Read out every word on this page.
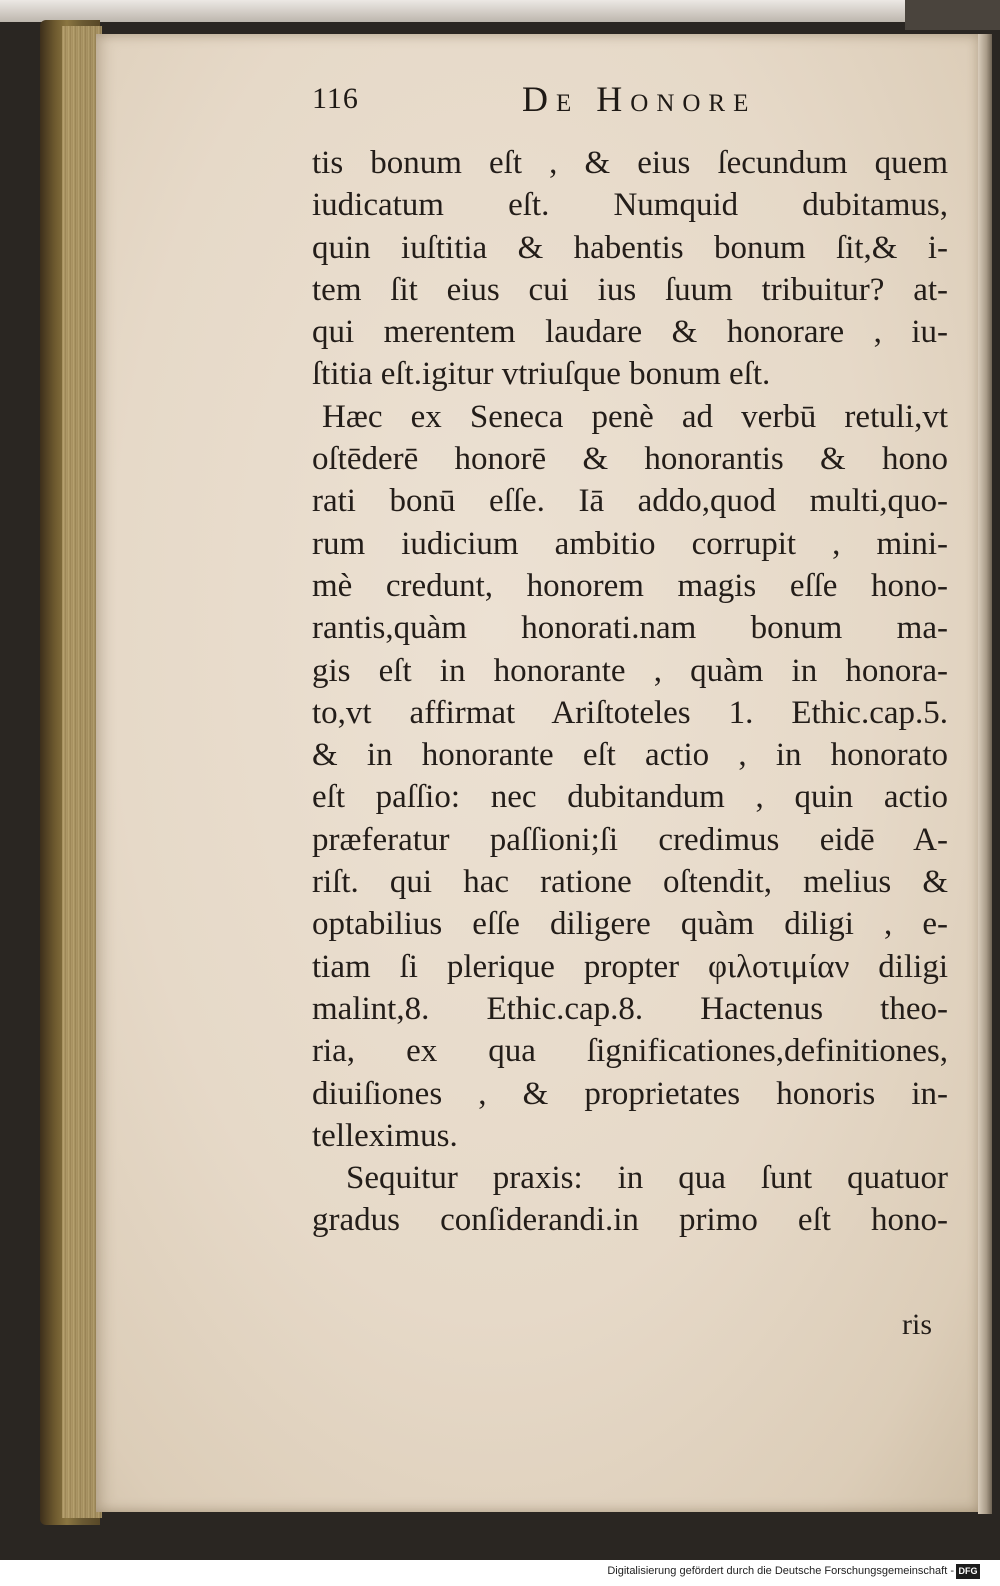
116	De Honore
tis bonum eſt , & eius ſecundum quem
iudicatum eſt. Numquid dubitamus,
quin iuſtitia & habentis bonum ſit,& i-
tem ſit eius cui ius ſuum tribuitur? at-
qui merentem laudare & honorare , iu-
ſtitia eſt.igitur vtriuſque bonum eſt.
Hæc ex Seneca penè ad verbū retuli,vt
oſtēderē honorē & honorantis & hono
rati bonū eſſe. Iā addo,quod multi,quo-
rum iudicium ambitio corrupit , mini-
mè credunt, honorem magis eſſe hono-
rantis,quàm honorati.nam bonum ma-
gis eſt in honorante , quàm in honora-
to,vt affirmat Ariſtoteles 1. Ethic.cap.5.
& in honorante eſt actio , in honorato
eſt paſſio: nec dubitandum , quin actio
præferatur paſſioni;ſi credimus eidē A-
riſt. qui hac ratione oſtendit, melius &
optabilius eſſe diligere quàm diligi , e-
tiam ſi plerique propter φιλοτιμίαν diligi
malint,8. Ethic.cap.8. Hactenus theo-
ria, ex qua ſignificationes,definitiones,
diuiſiones , & proprietates honoris in-
telleximus.
Sequitur praxis: in qua ſunt quatuor
gradus conſiderandi.in primo eſt hono-
ris
Digitalisierung gefördert durch die Deutsche Forschungsgemeinschaft - DFG
